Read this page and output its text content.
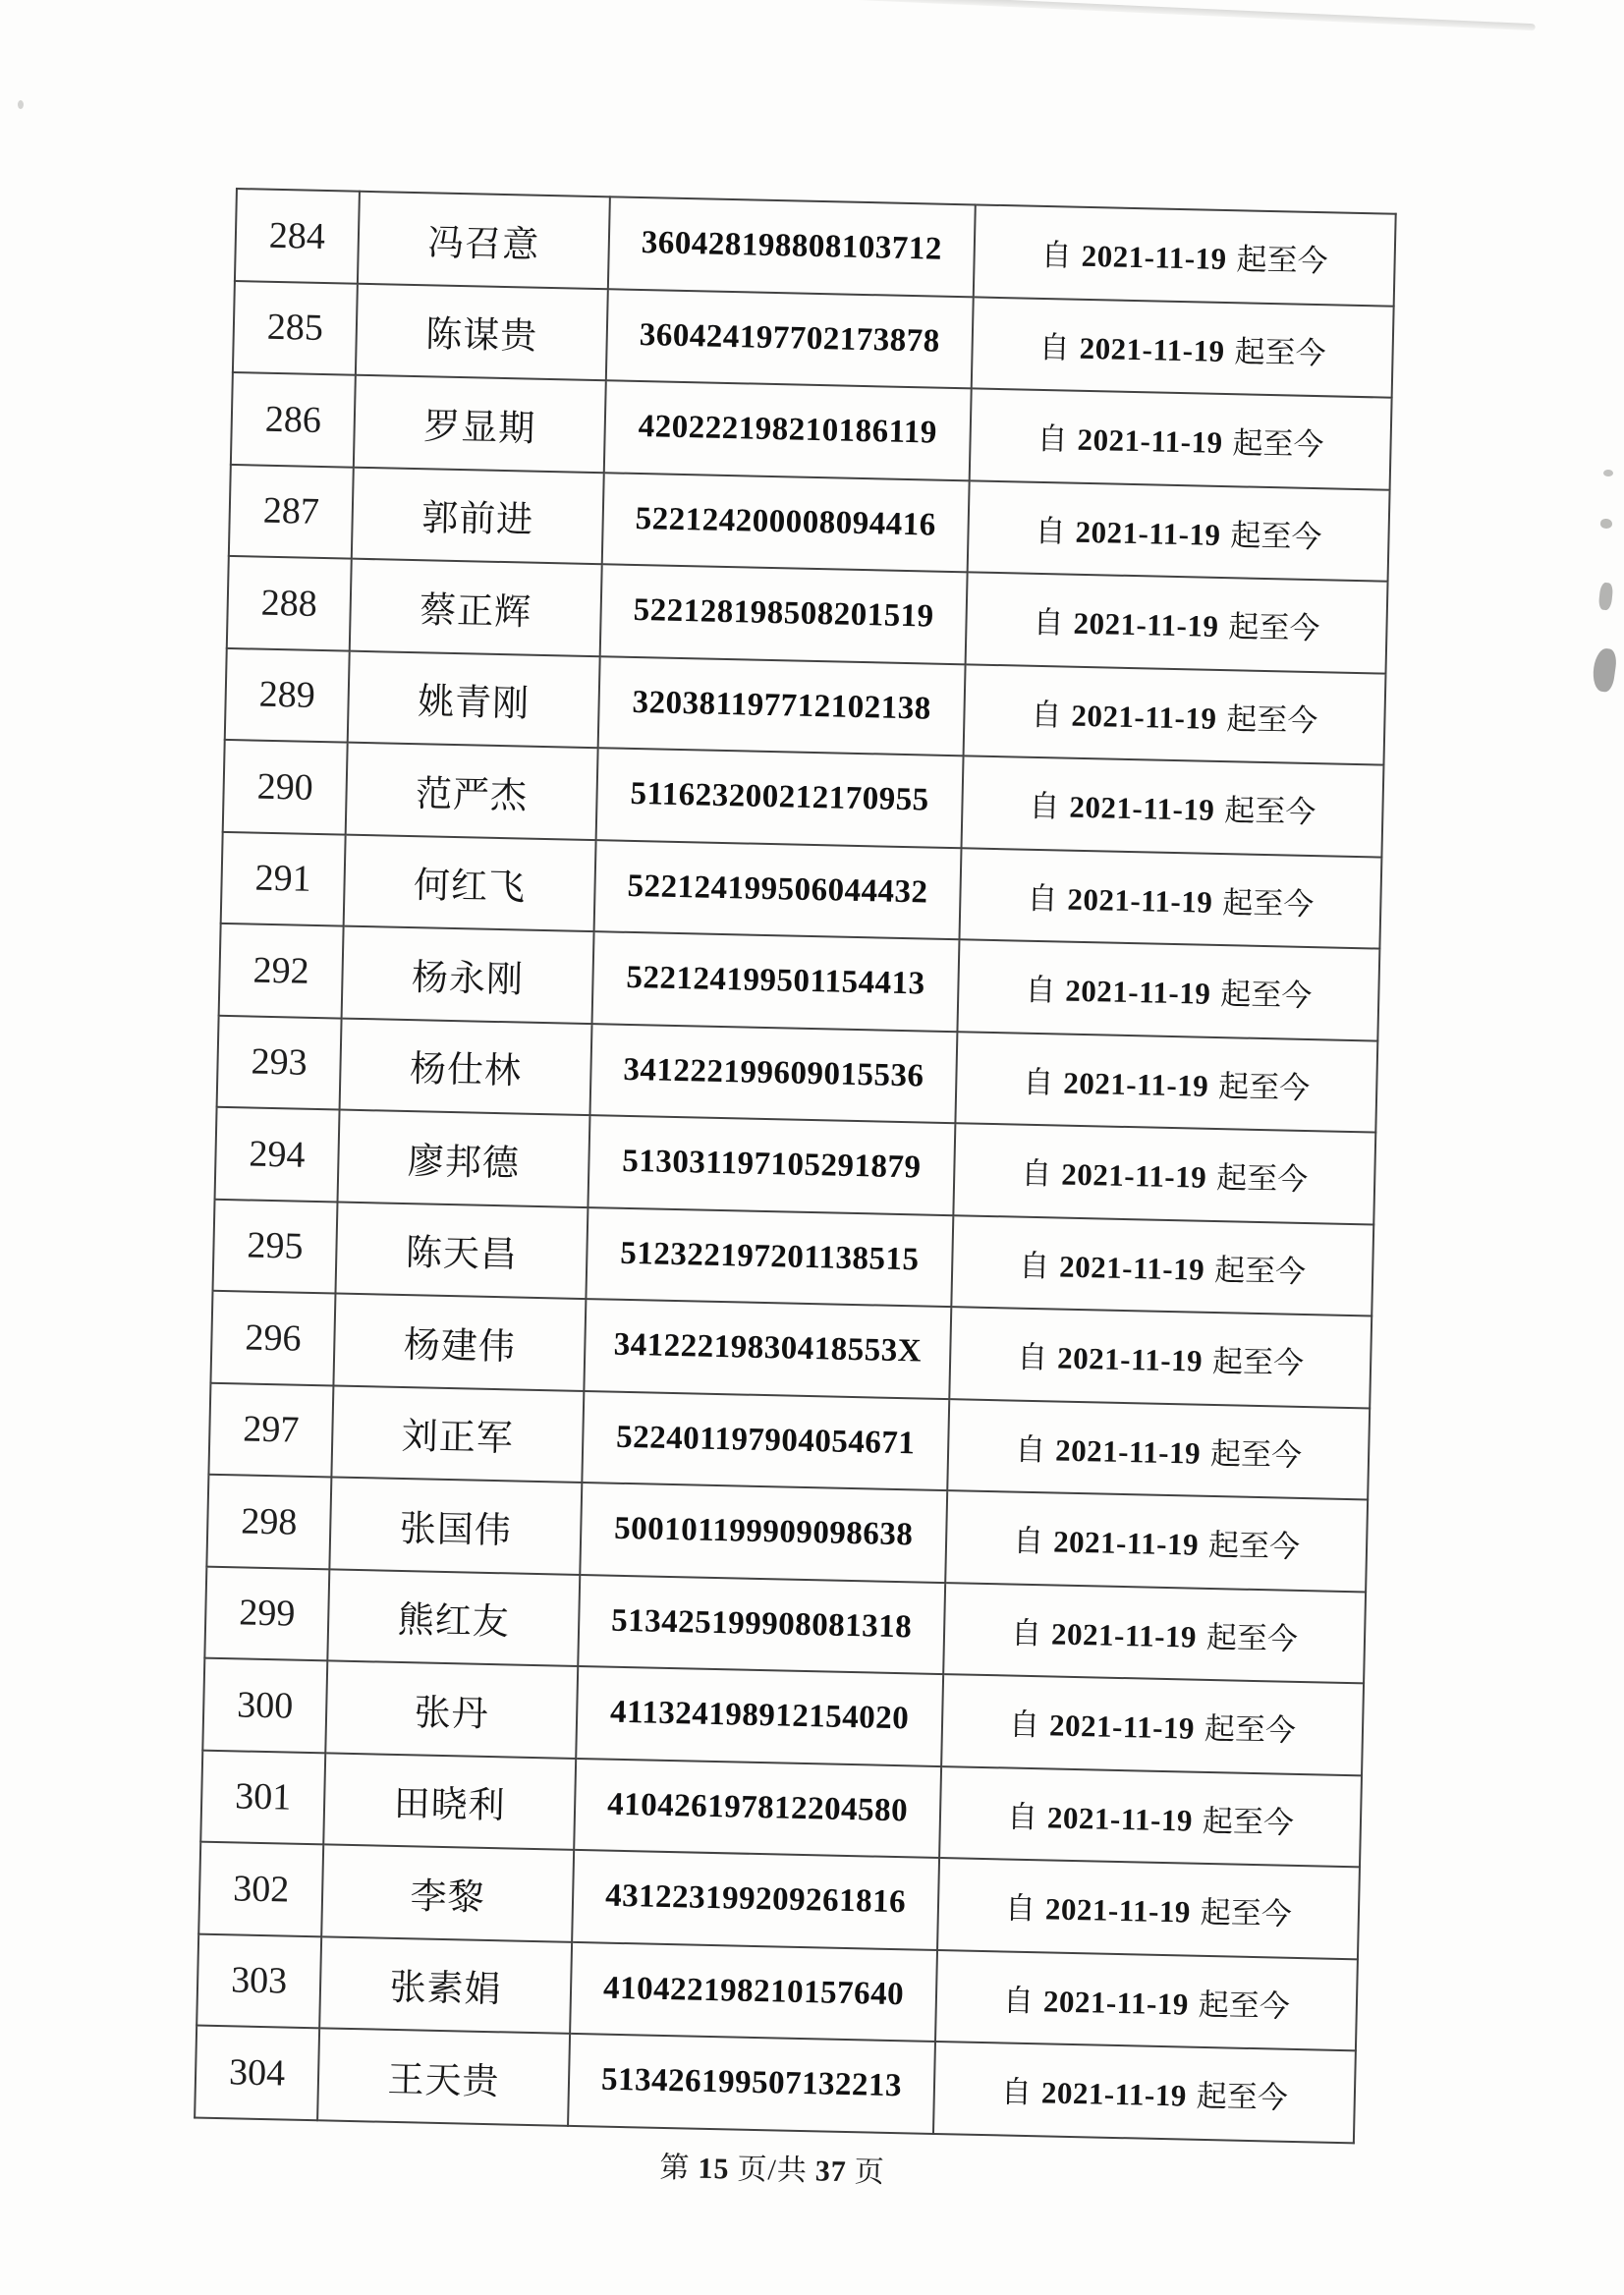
284	冯召意	360428198808103712	自 2021-11-19 起至今
285	陈谋贵	360424197702173878	自 2021-11-19 起至今
286	罗显期	420222198210186119	自 2021-11-19 起至今
287	郭前进	522124200008094416	自 2021-11-19 起至今
288	蔡正辉	522128198508201519	自 2021-11-19 起至今
289	姚青刚	320381197712102138	自 2021-11-19 起至今
290	范严杰	511623200212170955	自 2021-11-19 起至今
291	何红飞	522124199506044432	自 2021-11-19 起至今
292	杨永刚	522124199501154413	自 2021-11-19 起至今
293	杨仕林	341222199609015536	自 2021-11-19 起至今
294	廖邦德	513031197105291879	自 2021-11-19 起至今
295	陈天昌	512322197201138515	自 2021-11-19 起至今
296	杨建伟	34122219830418553X	自 2021-11-19 起至今
297	刘正军	522401197904054671	自 2021-11-19 起至今
298	张国伟	500101199909098638	自 2021-11-19 起至今
299	熊红友	513425199908081318	自 2021-11-19 起至今
300	张丹	411324198912154020	自 2021-11-19 起至今
301	田晓利	410426197812204580	自 2021-11-19 起至今
302	李黎	431223199209261816	自 2021-11-19 起至今
303	张素娟	410422198210157640	自 2021-11-19 起至今
304	王天贵	513426199507132213	自 2021-11-19 起至今
第 15 页/共 37 页
